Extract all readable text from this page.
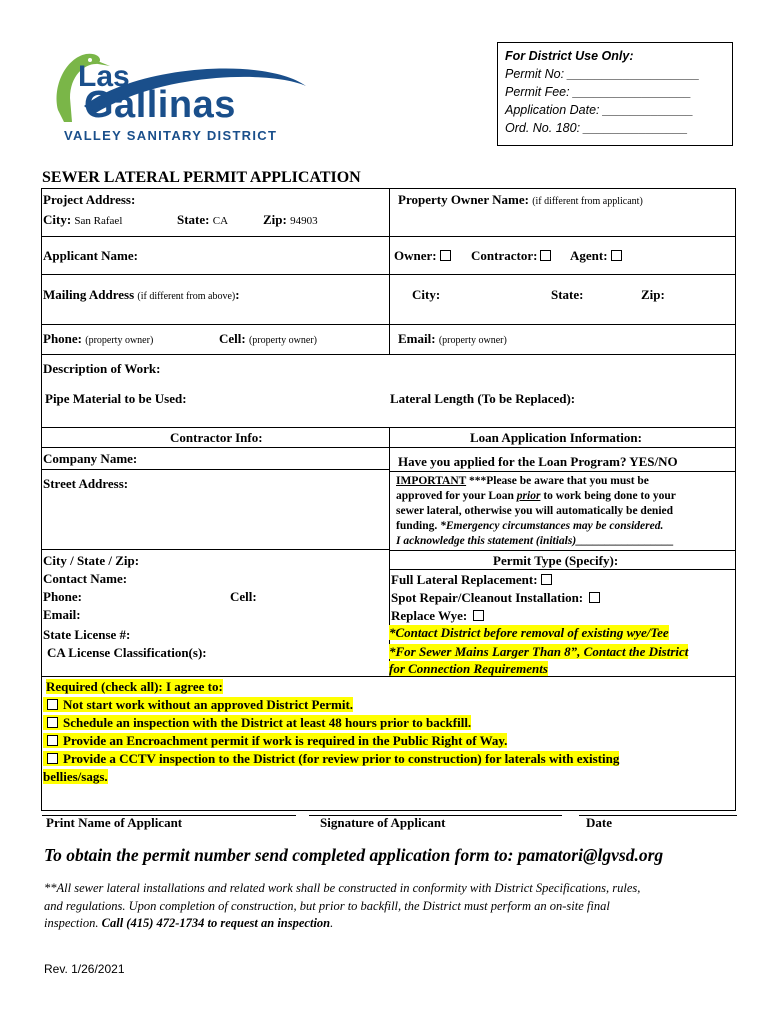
Las
Gallinas
VALLEY SANITARY DISTRICT
For District Use Only:
Permit No: ___________________
Permit Fee: _________________
Application Date: _____________
Ord. No. 180: _______________
SEWER LATERAL PERMIT APPLICATION
Project Address:
City: San Rafael	State: CA	Zip: 94903
Property Owner Name: (if different from applicant)
Applicant Name:	Owner:	Contractor:	Agent:
Mailing Address (if different from above):	City:	State:	Zip:
Phone: (property owner)	Cell: (property owner)	Email: (property owner)
Description of Work:
Pipe Material to be Used:	Lateral Length (To be Replaced):
Contractor Info:
Company Name:
Street Address:
City / State / Zip:
Contact Name:
Phone:	Cell:
Email:
State License #:
CA License Classification(s):
Loan Application Information:
Have you applied for the Loan Program? YES/NO
IMPORTANT ***Please be aware that you must be
approved for your Loan prior to work being done to your
sewer lateral, otherwise you will automatically be denied
funding. *Emergency circumstances may be considered.
I acknowledge this statement (initials)_________________
Permit Type (Specify):
Full Lateral Replacement:
Spot Repair/Cleanout Installation:
Replace Wye:
*Contact District before removal of existing wye/Tee
*For Sewer Mains Larger Than 8”, Contact the District
for Connection Requirements
Required (check all): I agree to:
Not start work without an approved District Permit.
Schedule an inspection with the District at least 48 hours prior to backfill.
Provide an Encroachment permit if work is required in the Public Right of Way.
Provide a CCTV inspection to the District (for review prior to construction) for laterals with existing
bellies/sags.
Print Name of Applicant	Signature of Applicant	Date
To obtain the permit number send completed application form to: pamatori@lgvsd.org
**All sewer lateral installations and related work shall be constructed in conformity with District Specifications, rules,
and regulations. Upon completion of construction, but prior to backfill, the District must perform an on-site final
inspection. Call (415) 472-1734 to request an inspection.
Rev. 1/26/2021
